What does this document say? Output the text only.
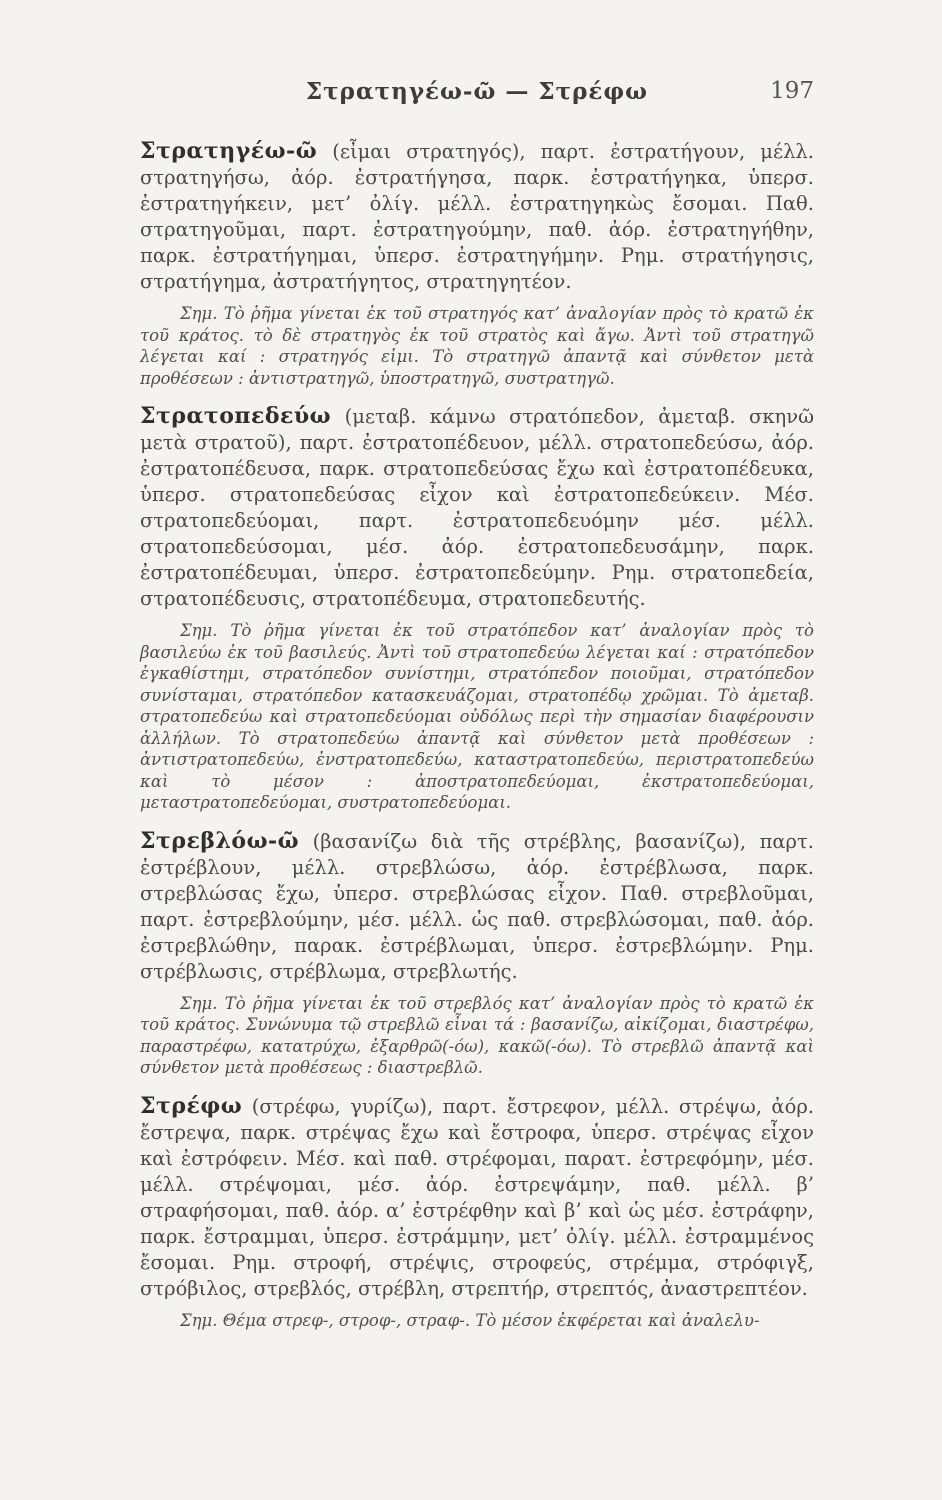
Στρατηγέω-ῶ — Στρέφω	197

Στρατηγέω-ῶ (εἶμαι στρατηγός), παρτ. ἐστρατήγουν, μέλλ. στρατηγήσω, ἀόρ. ἐστρατήγησα, παρκ. ἐστρατήγηκα, ὑπερσ. ἐστρατηγήκειν, μετ’ ὀλίγ. μέλλ. ἐστρατηγηκὼς ἔσομαι. Παθ. στρατηγοῦμαι, παρτ. ἐστρατηγούμην, παθ. ἀόρ. ἐστρατηγήθην, παρκ. ἐστρατήγημαι, ὑπερσ. ἐστρατηγήμην. Ρημ. στρατήγησις, στρατήγημα, ἀστρατήγητος, στρατηγητέον.

Σημ. Τὸ ῥῆμα γίνεται ἐκ τοῦ στρατηγός κατ’ ἀναλογίαν πρὸς τὸ κρατῶ ἐκ τοῦ κράτος. τὸ δὲ στρατηγὸς ἐκ τοῦ στρατὸς καὶ ἄγω. Ἀντὶ τοῦ στρατηγῶ λέγεται καί : στρατηγός εἰμι. Τὸ στρατηγῶ ἀπαντᾷ καὶ σύνθετον μετὰ προθέσεων : ἀντιστρατηγῶ, ὑποστρατηγῶ, συστρατηγῶ.

Στρατοπεδεύω (μεταβ. κάμνω στρατόπεδον, ἀμεταβ. σκηνῶ μετὰ στρατοῦ), παρτ. ἐστρατοπέδευον, μέλλ. στρατοπεδεύσω, ἀόρ. ἐστρατοπέδευσα, παρκ. στρατοπεδεύσας ἔχω καὶ ἐστρατοπέδευκα, ὑπερσ. στρατοπεδεύσας εἶχον καὶ ἐστρατοπεδεύκειν. Μέσ. στρατοπεδεύομαι, παρτ. ἐστρατοπεδευόμην μέσ. μέλλ. στρατοπεδεύσομαι, μέσ. ἀόρ. ἐστρατοπεδευσάμην, παρκ. ἐστρατοπέδευμαι, ὑπερσ. ἐστρατοπεδεύμην. Ρημ. στρατοπεδεία, στρατοπέδευσις, στρατοπέδευμα, στρατοπεδευτής.

Σημ. Τὸ ῥῆμα γίνεται ἐκ τοῦ στρατόπεδον κατ’ ἀναλογίαν πρὸς τὸ βασιλεύω ἐκ τοῦ βασιλεύς. Ἀντὶ τοῦ στρατοπεδεύω λέγεται καί : στρατόπεδον ἐγκαθίστημι, στρατόπεδον συνίστημι, στρατόπεδον ποιοῦμαι, στρατόπεδον συνίσταμαι, στρατόπεδον κατασκευάζομαι, στρατοπέδῳ χρῶμαι. Τὸ ἀμεταβ. στρατοπεδεύω καὶ στρατοπεδεύομαι οὐδόλως περὶ τὴν σημασίαν διαφέρουσιν ἀλλήλων. Τὸ στρατοπεδεύω ἀπαντᾷ καὶ σύνθετον μετὰ προθέσεων : ἀντιστρατοπεδεύω, ἐνστρατοπεδεύω, καταστρατοπεδεύω, περιστρατοπεδεύω καὶ τὸ μέσον : ἀποστρατοπεδεύομαι, ἐκστρατοπεδεύομαι, μεταστρατοπεδεύομαι, συστρατοπεδεύομαι.

Στρεβλόω-ῶ (βασανίζω διὰ τῆς στρέβλης, βασανίζω), παρτ. ἐστρέβλουν, μέλλ. στρεβλώσω, ἀόρ. ἐστρέβλωσα, παρκ. στρεβλώσας ἔχω, ὑπερσ. στρεβλώσας εἶχον. Παθ. στρεβλοῦμαι, παρτ. ἐστρεβλούμην, μέσ. μέλλ. ὡς παθ. στρεβλώσομαι, παθ. ἀόρ. ἐστρεβλώθην, παρακ. ἐστρέβλωμαι, ὑπερσ. ἐστρεβλώμην. Ρημ. στρέβλωσις, στρέβλωμα, στρεβλωτής.

Σημ. Τὸ ῥῆμα γίνεται ἐκ τοῦ στρεβλός κατ’ ἀναλογίαν πρὸς τὸ κρατῶ ἐκ τοῦ κράτος. Συνώνυμα τῷ στρεβλῶ εἶναι τά : βασανίζω, αἰκίζομαι, διαστρέφω, παραστρέφω, κατατρύχω, ἐξαρθρῶ(-όω), κακῶ(-όω). Τὸ στρεβλῶ ἀπαντᾷ καὶ σύνθετον μετὰ προθέσεως : διαστρεβλῶ.

Στρέφω (στρέφω, γυρίζω), παρτ. ἔστρεφον, μέλλ. στρέψω, ἀόρ. ἔστρεψα, παρκ. στρέψας ἔχω καὶ ἔστροφα, ὑπερσ. στρέψας εἶχον καὶ ἐστρόφειν. Μέσ. καὶ παθ. στρέφομαι, παρατ. ἐστρεφόμην, μέσ. μέλλ. στρέψομαι, μέσ. ἀόρ. ἐστρεψάμην, παθ. μέλλ. β’ στραφήσομαι, παθ. ἀόρ. α’ ἐστρέφθην καὶ β’ καὶ ὡς μέσ. ἐστράφην, παρκ. ἔστραμμαι, ὑπερσ. ἐστράμμην, μετ’ ὀλίγ. μέλλ. ἐστραμμένος ἔσομαι. Ρημ. στροφή, στρέψις, στροφεύς, στρέμμα, στρόφιγξ, στρόβιλος, στρεβλός, στρέβλη, στρεπτήρ, στρεπτός, ἀναστρεπτέον.

Σημ. Θέμα στρεφ-, στροφ-, στραφ-. Τὸ μέσον ἐκφέρεται καὶ ἀναλελυ-
